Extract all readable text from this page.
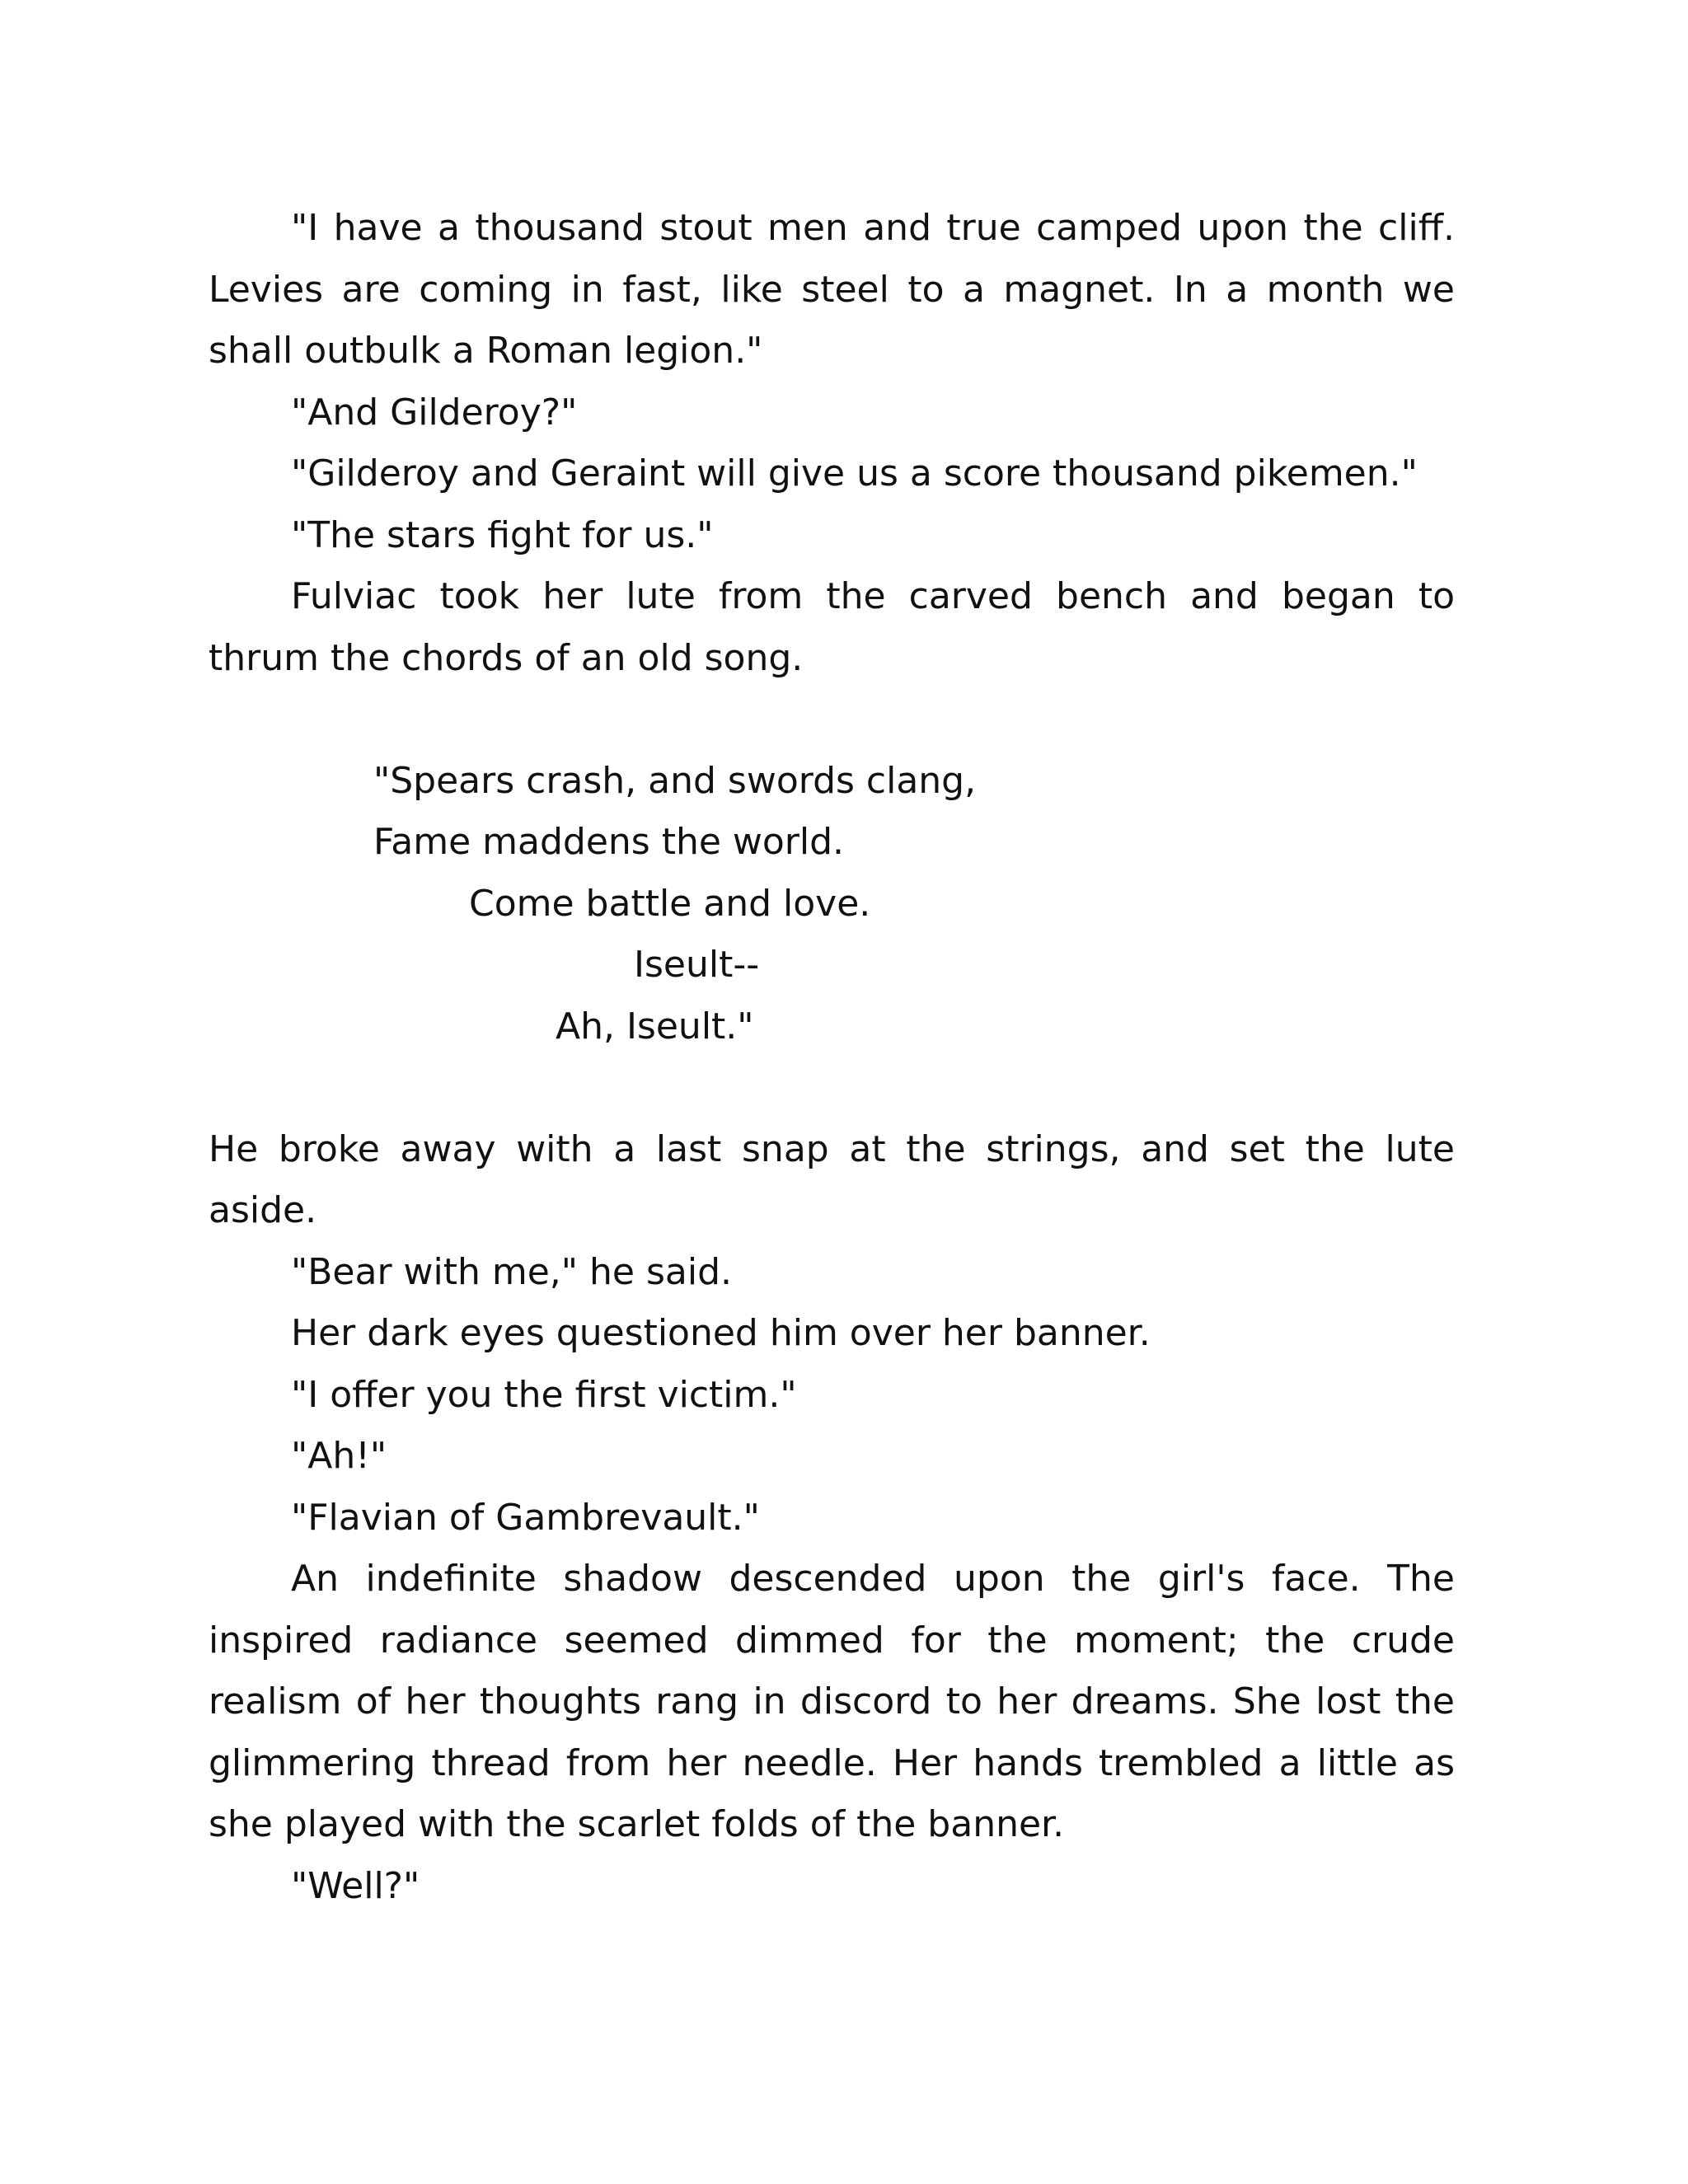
"I have a thousand stout men and true camped upon the cliff. Levies are coming in fast, like steel to a magnet. In a month we shall outbulk a Roman legion."

"And Gilderoy?"

"Gilderoy and Geraint will give us a score thousand pikemen."

"The stars fight for us."

Fulviac took her lute from the carved bench and began to thrum the chords of an old song.

"Spears crash, and swords clang,

Fame maddens the world.

Come battle and love.

Iseult--

Ah, Iseult."

He broke away with a last snap at the strings, and set the lute aside.

"Bear with me," he said.

Her dark eyes questioned him over her banner.

"I offer you the first victim."

"Ah!"

"Flavian of Gambrevault."

An indefinite shadow descended upon the girl's face. The inspired radiance seemed dimmed for the moment; the crude realism of her thoughts rang in discord to her dreams. She lost the glimmering thread from her needle. Her hands trembled a little as she played with the scarlet folds of the banner.

"Well?"
